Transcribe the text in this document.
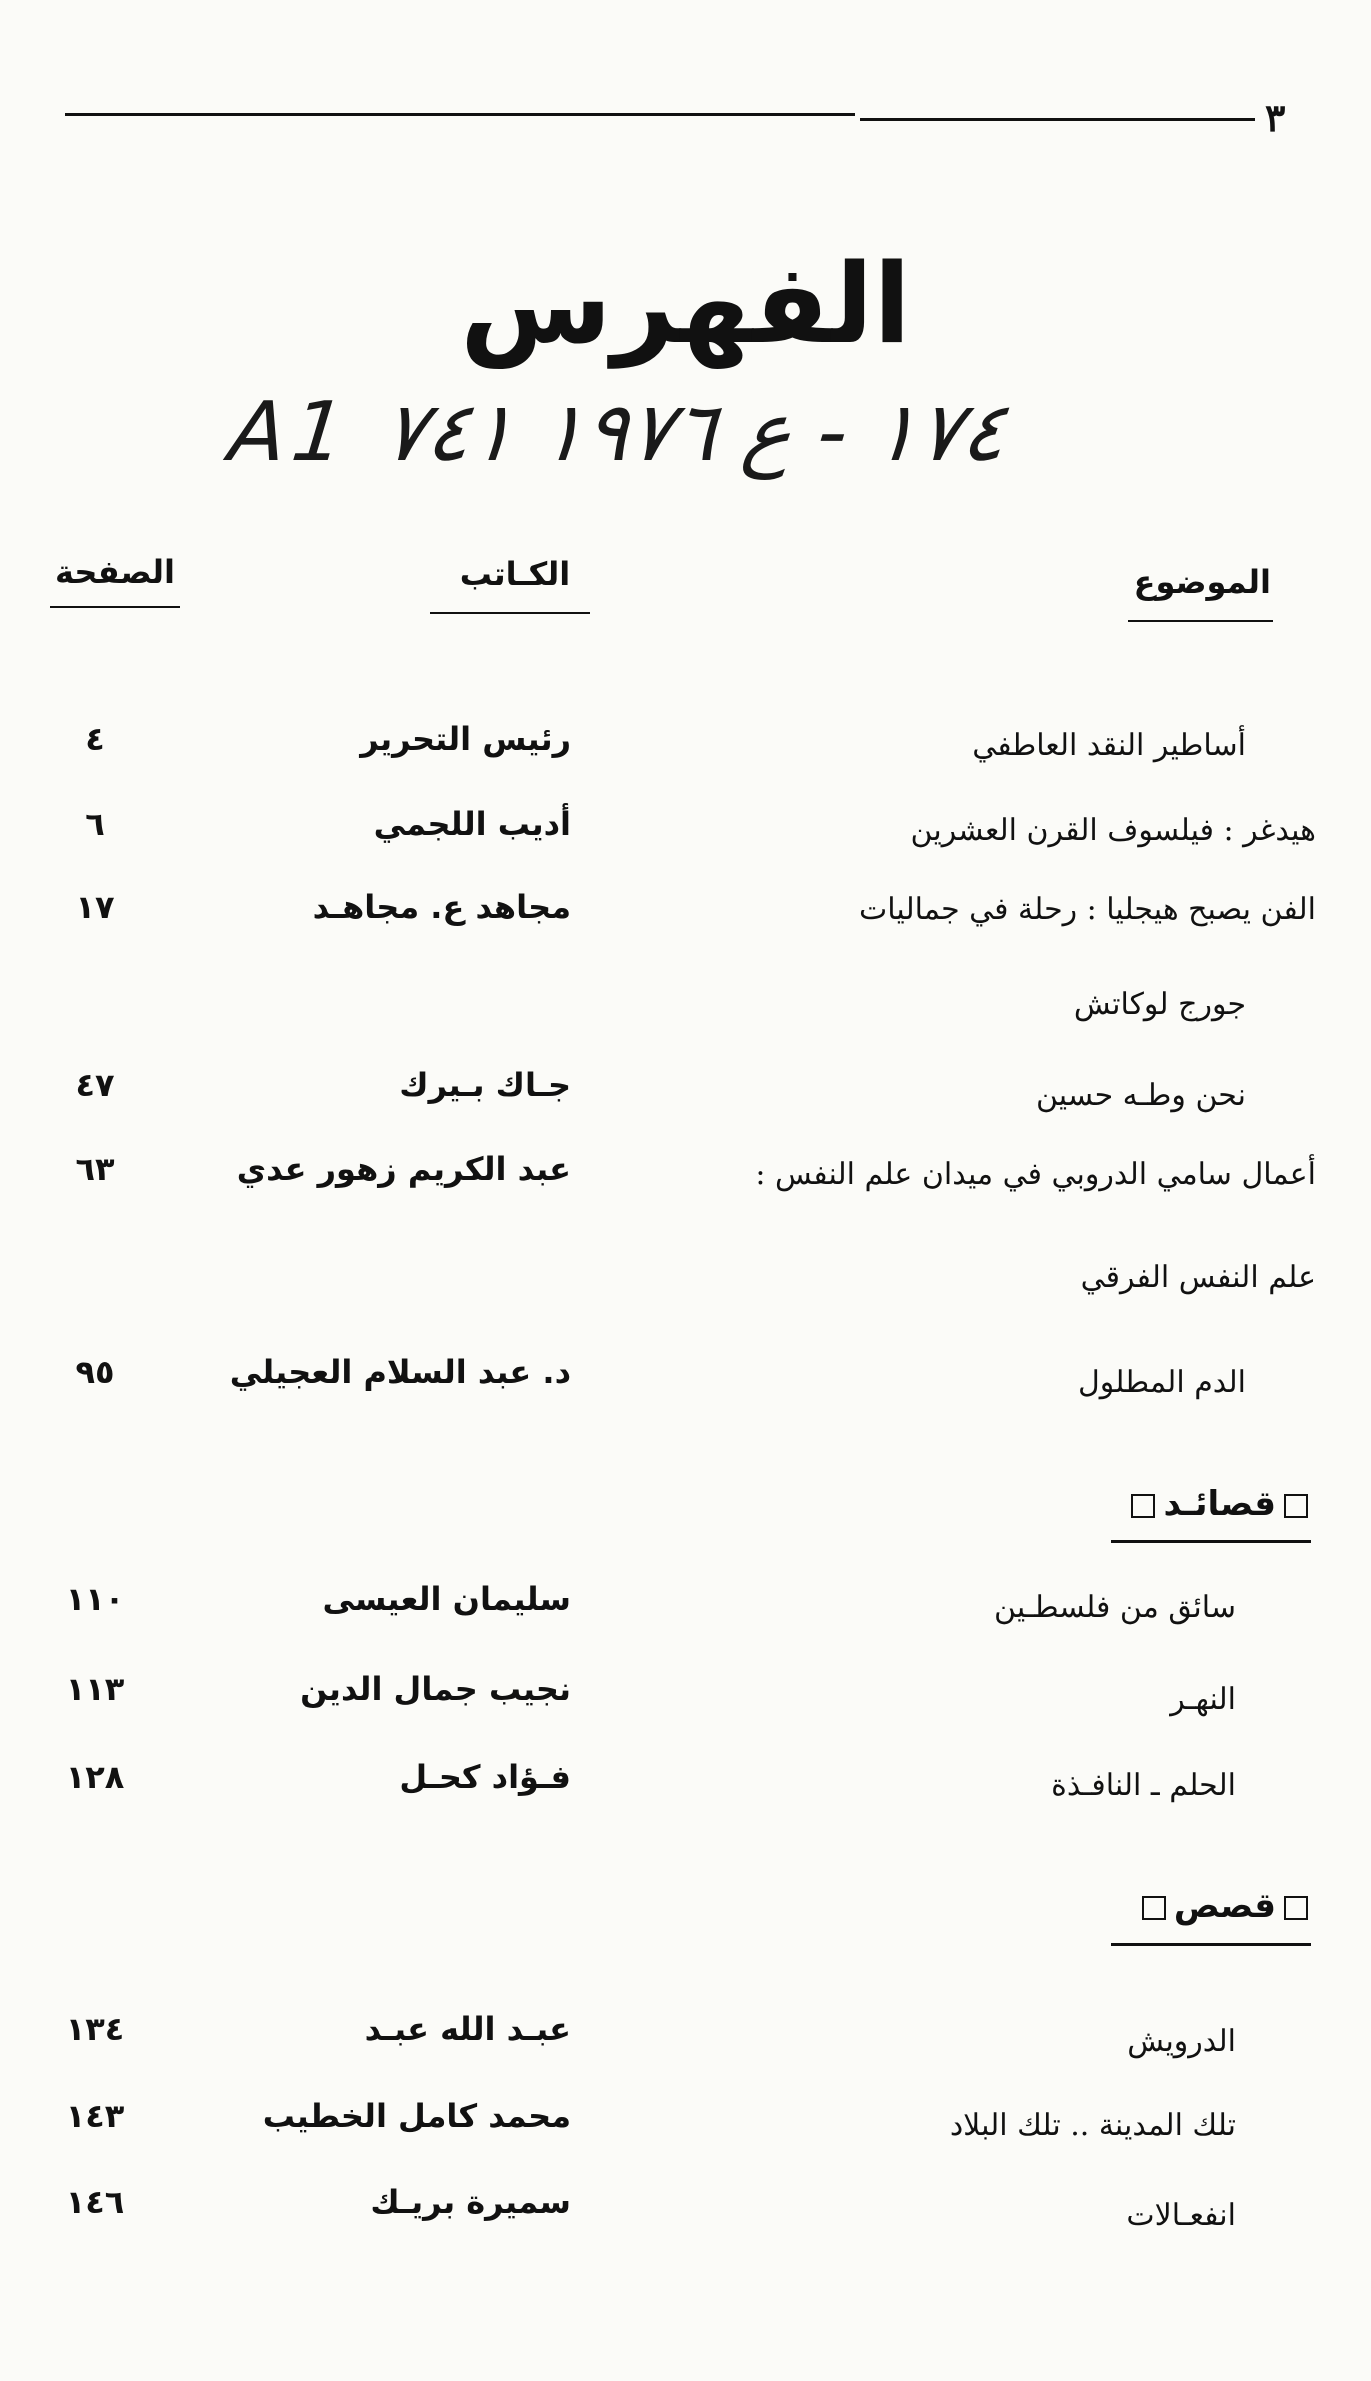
٣
الفهرس
A1 ١٧٤ - ع ١٩٧٦ ٧٤١
الموضوع
الكـاتب
الصفحة
أساطير النقد العاطفي
رئيس التحرير
٤
هيدغر : فيلسوف القرن العشرين
أديب اللجمي
٦
الفن يصبح هيجليا : رحلة في جماليات
مجاهد ع. مجاهـد
١٧
جورج لوكاتش
نحن وطـه حسين
جـاك بـيرك
٤٧
أعمال سامي الدروبي في ميدان علم النفس :
عبد الكريم زهور عدي
٦٣
علم النفس الفرقي
الدم المطلول
د. عبد السلام العجيلي
٩٥
قصائـد
سائق من فلسطـين
سليمان العيسى
١١٠
النهـر
نجيب جمال الدين
١١٣
الحلم ـ النافـذة
فـؤاد كحـل
١٢٨
قصص
الدرويش
عبـد الله عبـد
١٣٤
تلك المدينة .. تلك البلاد
محمد كامل الخطيب
١٤٣
انفعـالات
سميرة بريـك
١٤٦
